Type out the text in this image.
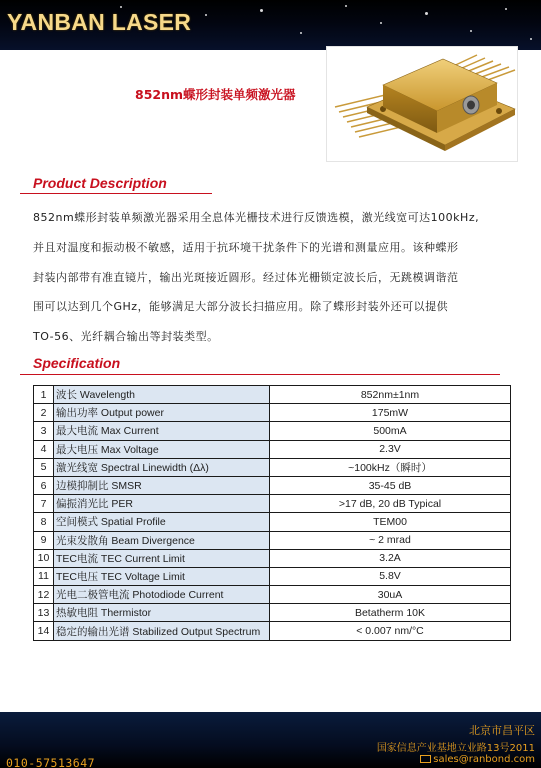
YANBAN LASER
852nm蝶形封装单频激光器
Product Description
852nm蝶形封装单频激光器采用全息体光栅技术进行反馈选模，激光线宽可达100kHz,
并且对温度和振动极不敏感，适用于抗环境干扰条件下的光谱和测量应用。该种蝶形
封装内部带有准直镜片，输出光斑接近圆形。经过体光栅锁定波长后，无跳模调谐范
围可以达到几个GHz，能够满足大部分波长扫描应用。除了蝶形封装外还可以提供
TO-56、光纤耦合输出等封装类型。
Specification
1	波长 Wavelength	852nm±1nm
2	输出功率 Output power	175mW
3	最大电流 Max Current	500mA
4	最大电压 Max Voltage	2.3V
5	激光线宽 Spectral Linewidth (Δλ)	~100kHz（瞬时）
6	边模抑制比 SMSR	35-45 dB
7	偏振消光比 PER	>17 dB, 20 dB Typical
8	空间模式 Spatial Profile	TEM00
9	光束发散角 Beam Divergence	~ 2 mrad
10	TEC电流 TEC Current Limit	3.2A
11	TEC电压 TEC Voltage Limit	5.8V
12	光电二极管电流 Photodiode Current	30uA
13	热敏电阻 Thermistor	Betatherm 10K
14	稳定的输出光谱 Stabilized Output Spectrum	< 0.007 nm/°C
北京市昌平区
国家信息产业基地立业路13号2011
sales@ranbond.com
010-57513647
